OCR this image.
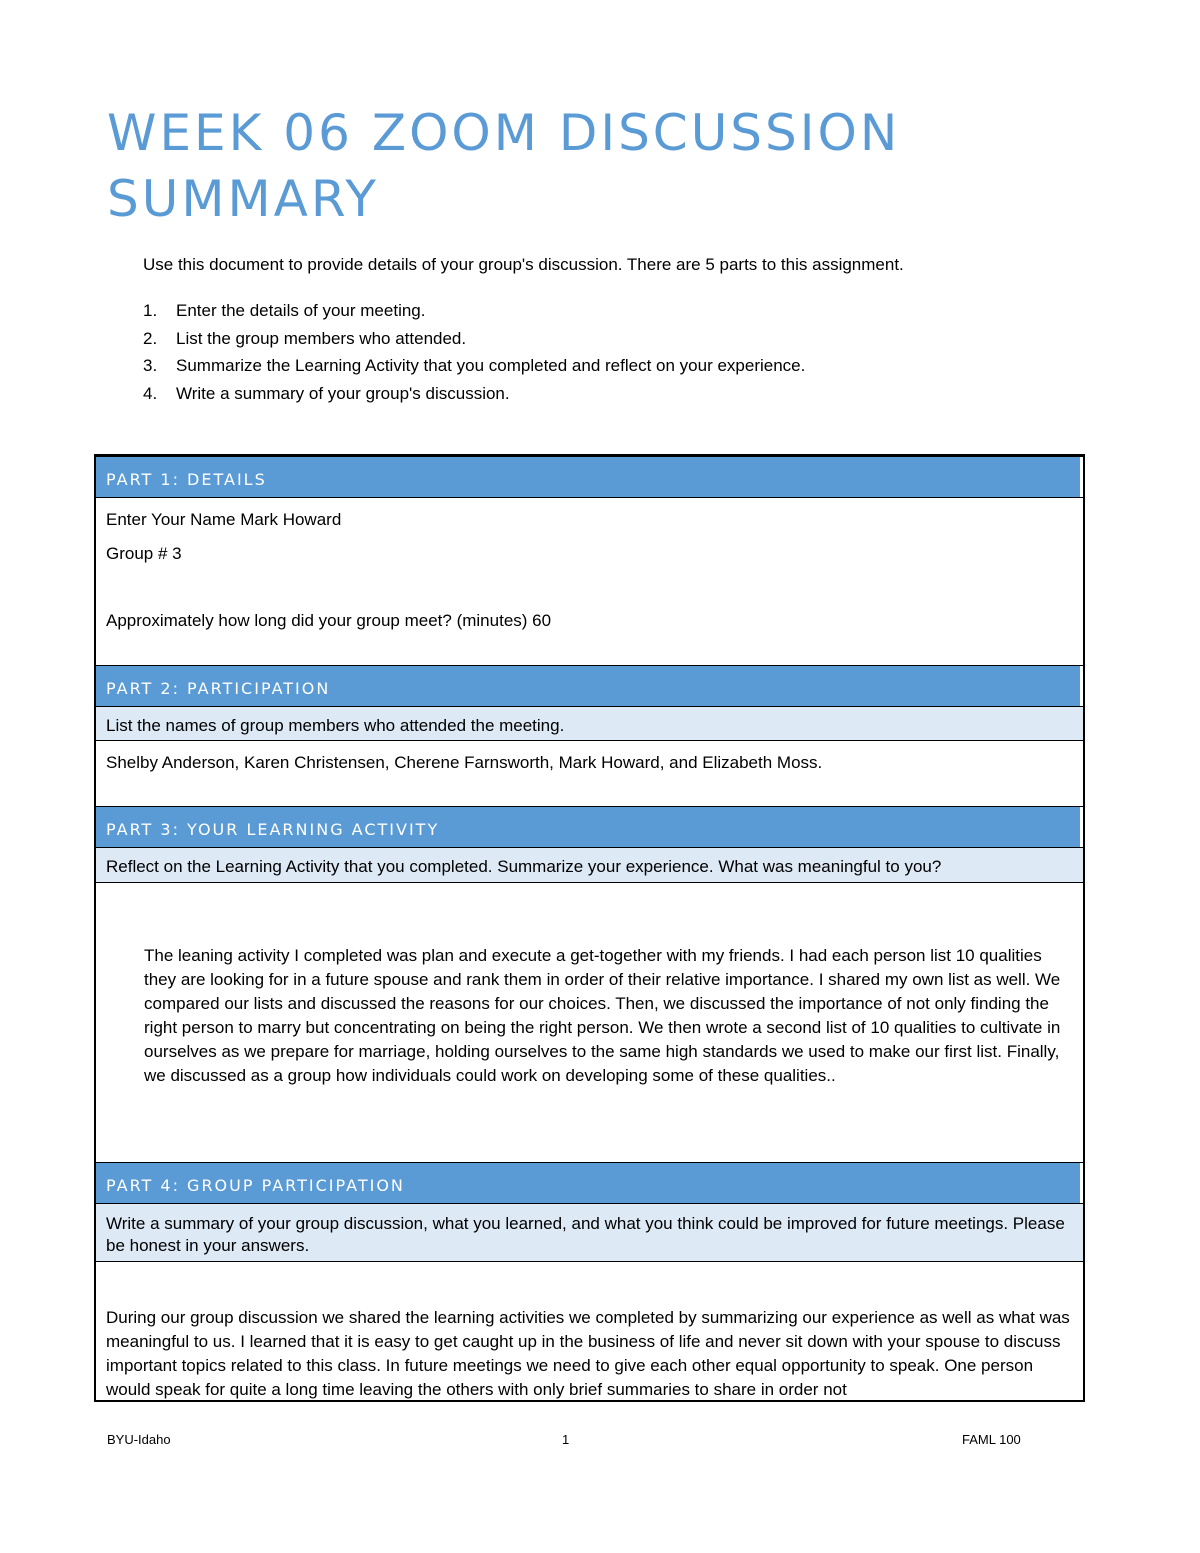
WEEK 06 ZOOM DISCUSSION SUMMARY

Use this document to provide details of your group's discussion. There are 5 parts to this assignment.

1. Enter the details of your meeting.
2. List the group members who attended.
3. Summarize the Learning Activity that you completed and reflect on your experience.
4. Write a summary of your group's discussion.
PART 1: DETAILS
Enter Your Name Mark Howard
Group # 3
Approximately how long did your group meet? (minutes) 60
PART 2: PARTICIPATION
List the names of group members who attended the meeting.
Shelby Anderson, Karen Christensen, Cherene Farnsworth, Mark Howard, and Elizabeth Moss.
PART 3: YOUR LEARNING ACTIVITY
Reflect on the Learning Activity that you completed. Summarize your experience. What was meaningful to you?
The leaning activity I completed was plan and execute a get-together with my friends. I had each person list 10 qualities they are looking for in a future spouse and rank them in order of their relative importance. I shared my own list as well. We compared our lists and discussed the reasons for our choices. Then, we discussed the importance of not only finding the right person to marry but concentrating on being the right person. We then wrote a second list of 10 qualities to cultivate in ourselves as we prepare for marriage, holding ourselves to the same high standards we used to make our first list. Finally, we discussed as a group how individuals could work on developing some of these qualities..
PART 4: GROUP PARTICIPATION
Write a summary of your group discussion, what you learned, and what you think could be improved for future meetings. Please be honest in your answers.
During our group discussion we shared the learning activities we completed by summarizing our experience as well as what was meaningful to us. I learned that it is easy to get caught up in the business of life and never sit down with your spouse to discuss important topics related to this class. In future meetings we need to give each other equal opportunity to speak. One person would speak for quite a long time leaving the others with only brief summaries to share in order not
BYU-Idaho	1	FAML 100
